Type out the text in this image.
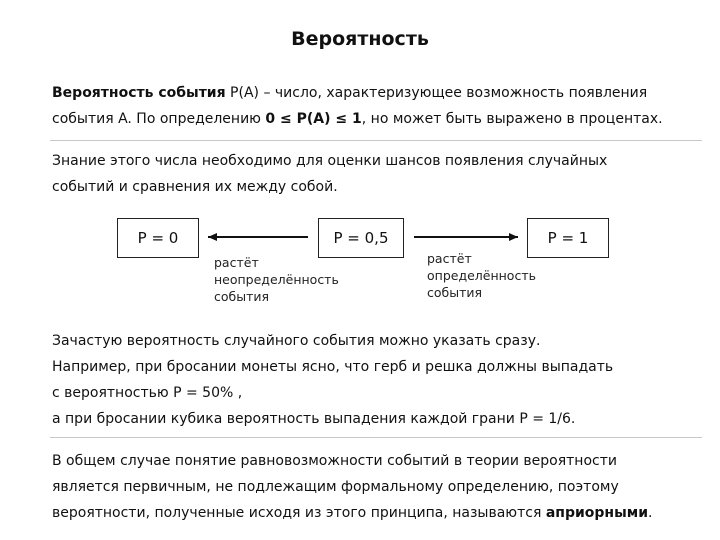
Вероятность

Вероятность события P(A) – число, характеризующее возможность появления
события A. По определению 0 ≤ P(A) ≤ 1, но может быть выражено в процентах.

Знание этого числа необходимо для оценки шансов появления случайных
событий и сравнения их между собой.

P = 0	P = 0,5	P = 1
растёт
неопределённость
события
растёт
определённость
события

Зачастую вероятность случайного события можно указать сразу.
Например, при бросании монеты ясно, что герб и решка должны выпадать
с вероятностью P = 50% ,
а при бросании кубика вероятность выпадения каждой грани P = 1/6.

В общем случае понятие равновозможности событий в теории вероятности
является первичным, не подлежащим формальному определению, поэтому
вероятности, полученные исходя из этого принципа, называются априорными.
